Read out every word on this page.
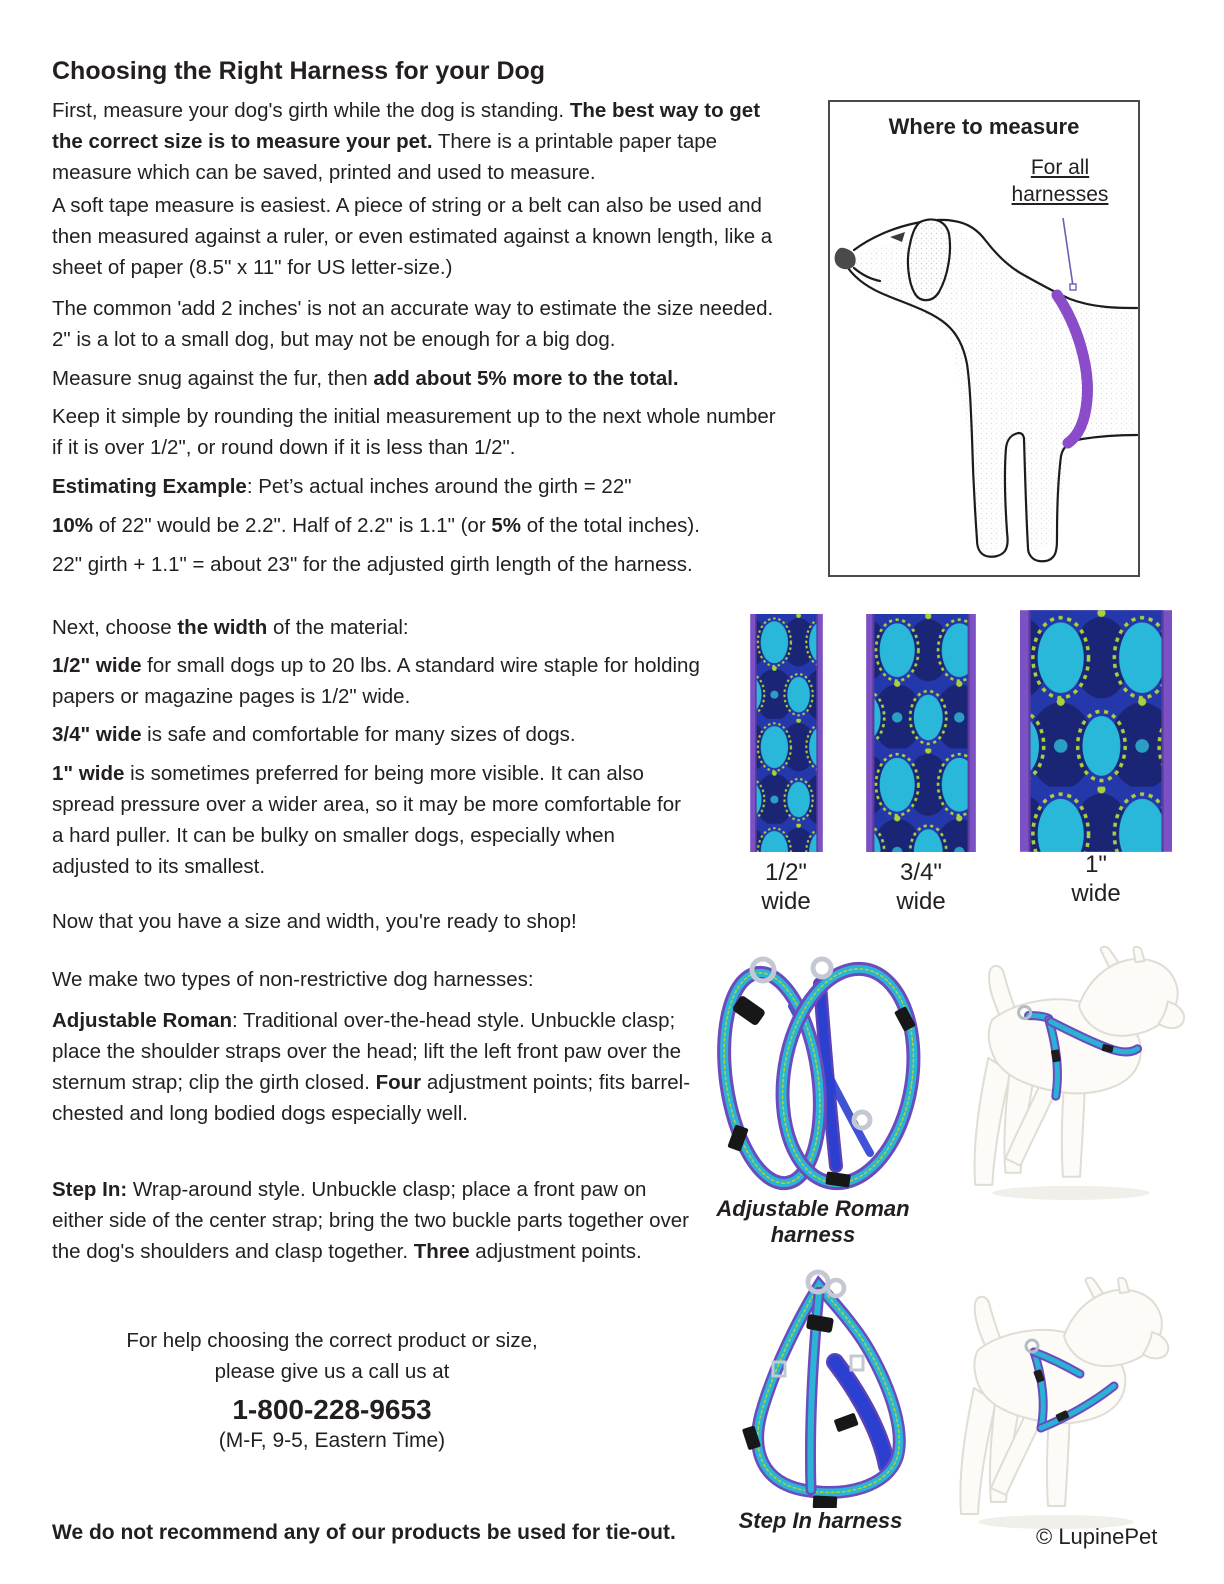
Choosing the Right Harness for your Dog

First, measure your dog's girth while the dog is standing. The best way to get the correct size is to measure your pet. There is a printable paper tape measure which can be saved, printed and used to measure.

A soft tape measure is easiest. A piece of string or a belt can also be used and then measured against a ruler, or even estimated against a known length, like a sheet of paper (8.5" x 11" for US letter-size.)

The common 'add 2 inches' is not an accurate way to estimate the size needed. 2" is a lot to a small dog, but may not be enough for a big dog.

Measure snug against the fur, then add about 5% more to the total.

Keep it simple by rounding the initial measurement up to the next whole number if it is over 1/2", or round down if it is less than 1/2".

Estimating Example: Pet’s actual inches around the girth = 22"

10% of 22" would be 2.2". Half of 2.2" is 1.1" (or 5% of the total inches).

22" girth + 1.1" = about 23" for the adjusted girth length of the harness.

Next, choose the width of the material:

1/2" wide for small dogs up to 20 lbs. A standard wire staple for holding papers or magazine pages is 1/2" wide.

3/4" wide is safe and comfortable for many sizes of dogs.

1" wide is sometimes preferred for being more visible. It can also spread pressure over a wider area, so it may be more comfortable for a hard puller. It can be bulky on smaller dogs, especially when adjusted to its smallest.

Now that you have a size and width, you're ready to shop!

We make two types of non-restrictive dog harnesses:

Adjustable Roman: Traditional over-the-head style. Unbuckle clasp; place the shoulder straps over the head; lift the left front paw over the sternum strap; clip the girth closed. Four adjustment points; fits barrel-chested and long bodied dogs especially well.

Step In: Wrap-around style. Unbuckle clasp; place a front paw on either side of the center strap; bring the two buckle parts together over the dog's shoulders and clasp together. Three adjustment points.

For help choosing the correct product or size,
please give us a call us at
1-800-228-9653
(M-F, 9-5, Eastern Time)
We do not recommend any of our products be used for tie-out.
Where to measure
For all
harnesses
1/2"
wide
3/4"
wide
1"
wide
Adjustable Roman harness
Step In harness
© LupinePet
